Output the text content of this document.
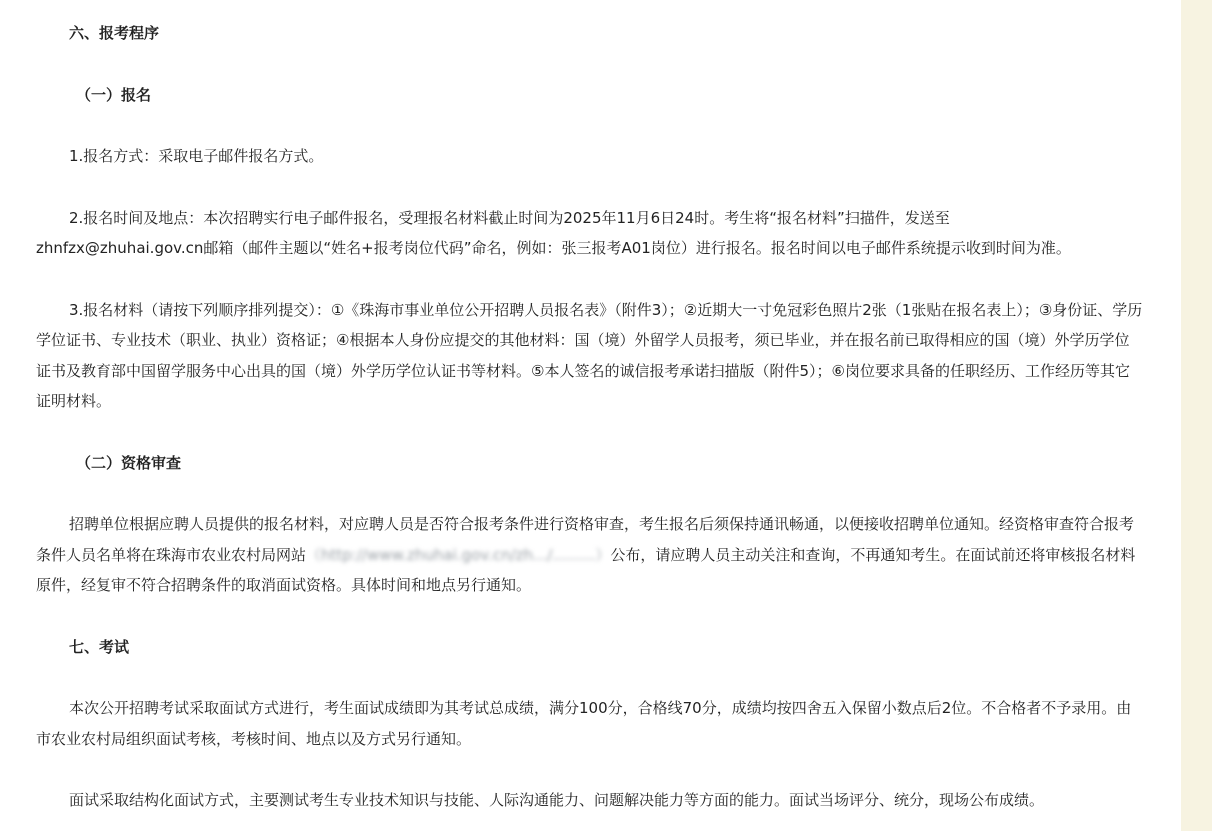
六、报考程序

（一）报名

1.报名方式：采取电子邮件报名方式。

2.报名时间及地点：本次招聘实行电子邮件报名，受理报名材料截止时间为2025年11月6日24时。考生将“报名材料”扫描件，发送至
zhnfzx@zhuhai.gov.cn邮箱（邮件主题以“姓名+报考岗位代码”命名，例如：张三报考A01岗位）进行报名。报名时间以电子邮件系统提示收到时间为准。

3.报名材料（请按下列顺序排列提交）：①《珠海市事业单位公开招聘人员报名表》（附件3）；②近期大一寸免冠彩色照片2张（1张贴在报名表上）；③身份证、学历学位证书、专业技术（职业、执业）资格证；④根据本人身份应提交的其他材料：国（境）外留学人员报考，须已毕业，并在报名前已取得相应的国（境）外学历学位证书及教育部中国留学服务中心出具的国（境）外学历学位认证书等材料。⑤本人签名的诚信报考承诺扫描版（附件5）；⑥岗位要求具备的任职经历、工作经历等其它证明材料。

（二）资格审查

招聘单位根据应聘人员提供的报名材料，对应聘人员是否符合报考条件进行资格审查，考生报名后须保持通讯畅通，以便接收招聘单位通知。经资格审查符合报考条件人员名单将在珠海市农业农村局网站（http://www.zhuhai.gov.cn/zh.../.........）公布，请应聘人员主动关注和查询，不再通知考生。在面试前还将审核报名材料原件，经复审不符合招聘条件的取消面试资格。具体时间和地点另行通知。

七、考试

本次公开招聘考试采取面试方式进行，考生面试成绩即为其考试总成绩，满分100分，合格线70分，成绩均按四舍五入保留小数点后2位。不合格者不予录用。由市农业农村局组织面试考核，考核时间、地点以及方式另行通知。

面试采取结构化面试方式，主要测试考生专业技术知识与技能、人际沟通能力、问题解决能力等方面的能力。面试当场评分、统分，现场公布成绩。
